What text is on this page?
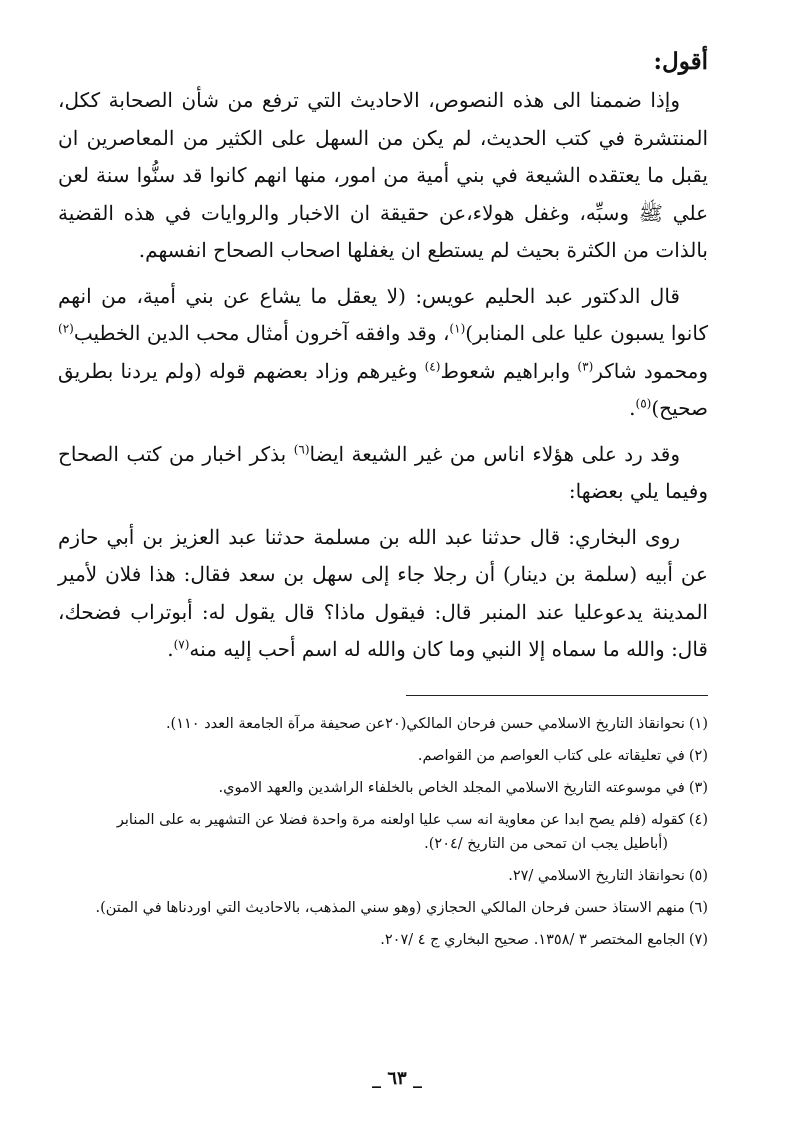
أقول:

وإذا ضممنا الى هذه النصوص، الاحاديث التي ترفع من شأن الصحابة ككل، المنتشرة في كتب الحديث، لم يكن من السهل على الكثير من المعاصرين ان يقبل ما يعتقده الشيعة في بني أمية من امور، منها انهم كانوا قد سنُّوا سنة لعن علي ﷺ وسبِّه، وغفل هولاء،عن حقيقة ان الاخبار والروايات في هذه القضية بالذات من الكثرة بحيث لم يستطع ان يغفلها اصحاب الصحاح انفسهم.

قال الدكتور عبد الحليم عويس: (لا يعقل ما يشاع عن بني أمية، من انهم كانوا يسبون عليا على المنابر)$^{(١)}$، وقد وافقه آخرون أمثال محب الدين الخطيب$^{(٢)}$ ومحمود شاكر$^{(٣)}$ وابراهيم شعوط$^{(٤)}$ وغيرهم وزاد بعضهم قوله (ولم يردنا بطريق صحيح)$^{(٥)}$.

وقد رد على هؤلاء اناس من غير الشيعة ايضا$^{(٦)}$ بذكر اخبار من كتب الصحاح وفيما يلي بعضها:

روى البخاري: قال حدثنا عبد الله بن مسلمة حدثنا عبد العزيز بن أبي حازم عن أبيه (سلمة بن دينار) أن رجلا جاء إلى سهل بن سعد فقال: هذا فلان لأمير المدينة يدعوعليا عند المنبر قال: فيقول ماذا؟ قال يقول له: أبوتراب فضحك، قال: والله ما سماه إلا النبي وما كان والله له اسم أحب إليه منه$^{(٧)}$.

(١)نحوانقاذ التاريخ الاسلامي حسن فرحان المالكي(٢٠عن صحيفة مرآة الجامعة العدد ١١٠).
(٢)في تعليقاته على كتاب العواصم من القواصم.
(٣)في موسوعته التاريخ الاسلامي المجلد الخاص بالخلفاء الراشدين والعهد الاموي.
(٤)كقوله (فلم يصح ابدا عن معاوية انه سب عليا اولعنه مرة واحدة فضلا عن التشهير به على المنابر
(أباطيل يجب ان تمحى من التاريخ /٢٠٤).
(٥)نحوانقاذ التاريخ الاسلامي /٢٧.
(٦)منهم الاستاذ حسن فرحان المالكي الحجازي (وهو سني المذهب، بالاحاديث التي اوردناها في المتن).
(٧)الجامع المختصر ٣ /١٣٥٨. صحيح البخاري ج ٤ /٢٠٧.
_ ٦٣ _
